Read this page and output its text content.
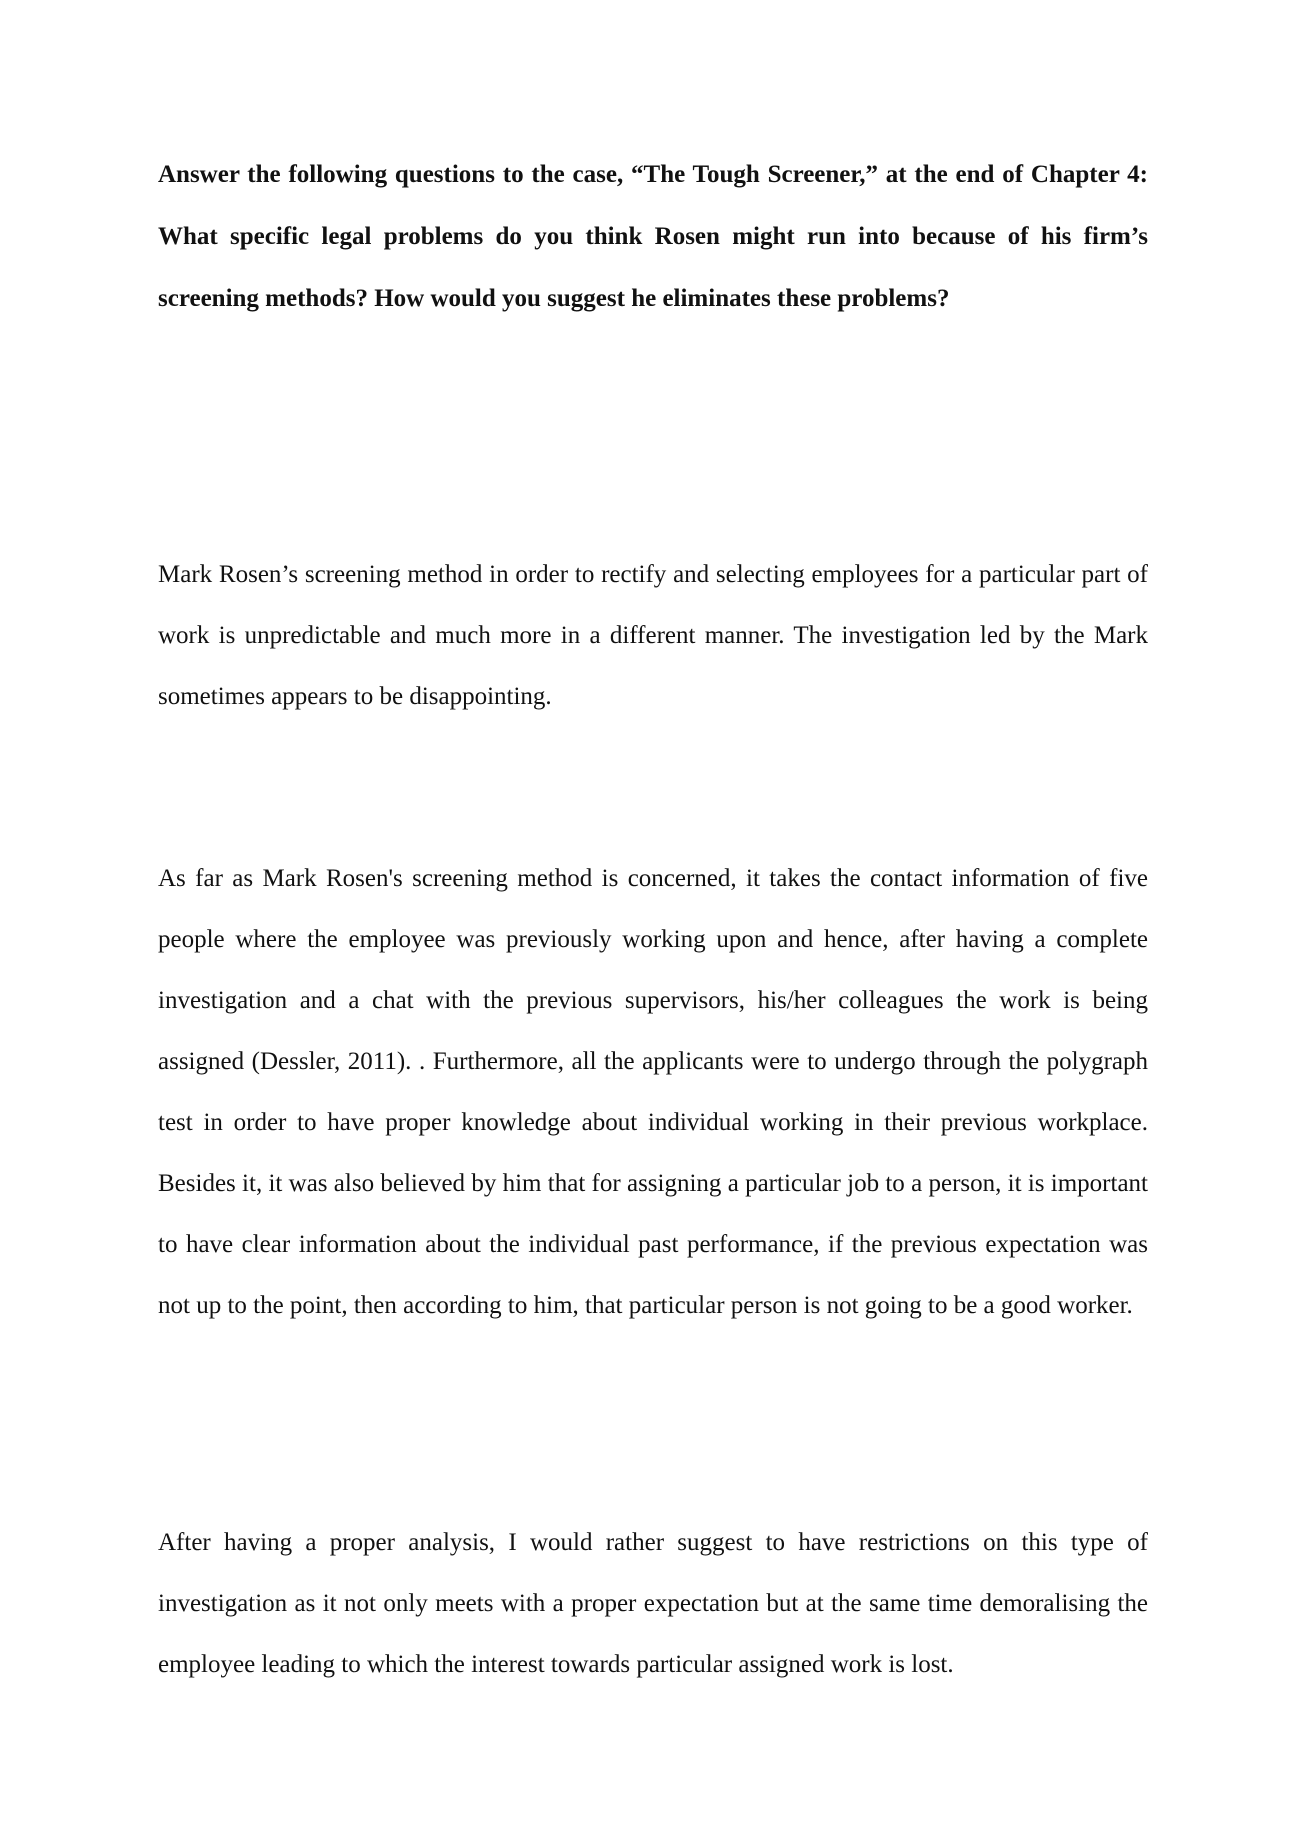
Answer the following questions to the case, “The Tough Screener,” at the end of Chapter 4: What specific legal problems do you think Rosen might run into because of his firm’s screening methods? How would you suggest he eliminates these problems?

Mark Rosen’s screening method in order to rectify and selecting employees for a particular part of work is unpredictable and much more in a different manner. The investigation led by the Mark sometimes appears to be disappointing.

As far as Mark Rosen's screening method is concerned, it takes the contact information of five people where the employee was previously working upon and hence, after having a complete investigation and a chat with the previous supervisors, his/her colleagues the work is being assigned (Dessler, 2011). . Furthermore, all the applicants were to undergo through the polygraph test in order to have proper knowledge about individual working in their previous workplace. Besides it, it was also believed by him that for assigning a particular job to a person, it is important to have clear information about the individual past performance, if the previous expectation was not up to the point, then according to him, that particular person is not going to be a good worker.

After having a proper analysis, I would rather suggest to have restrictions on this type of investigation as it not only meets with a proper expectation but at the same time demoralising the employee leading to which the interest towards particular assigned work is lost.
